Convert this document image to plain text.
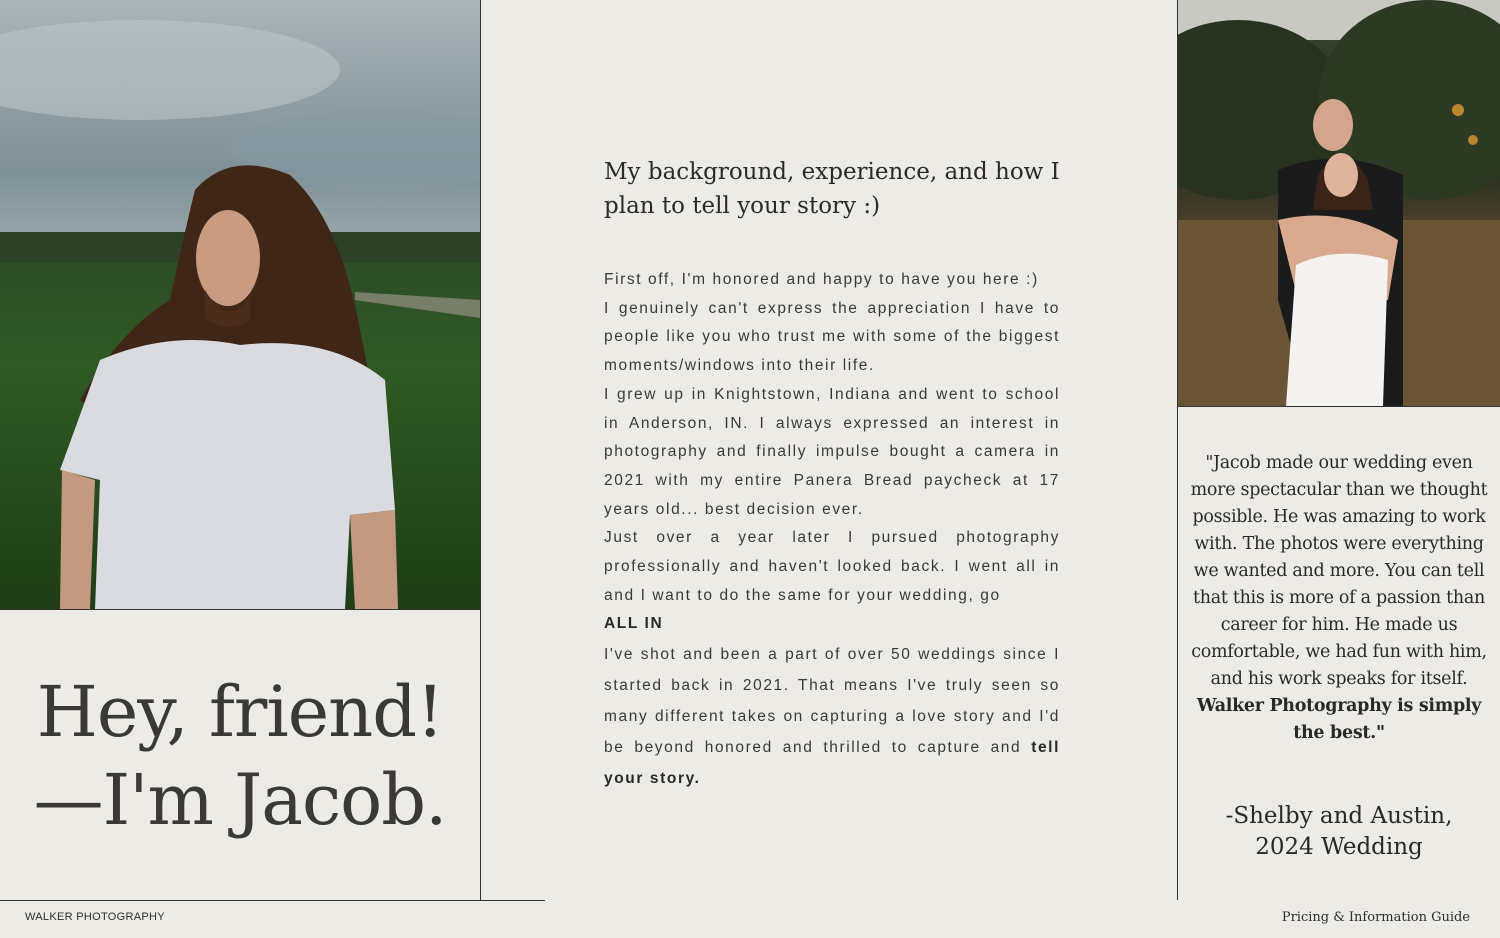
Hey, friend!
—I'm Jacob.
My background, experience, and how I plan to tell your story :)

First off, I'm honored and happy to have you here :)

I genuinely can't express the appreciation I have to people like you who trust me with some of the biggest moments/windows into their life.

I grew up in Knightstown, Indiana and went to school in Anderson, IN. I always expressed an interest in photography and finally impulse bought a camera in 2021 with my entire Panera Bread paycheck at 17 years old... best decision ever.

Just over a year later I pursued photography professionally and haven't looked back. I went all in and I want to do the same for your wedding, go

ALL IN

I've shot and been a part of over 50 weddings since I started back in 2021. That means I've truly seen so many different takes on capturing a love story and I'd be beyond honored and thrilled to capture and tell your story.

"Jacob made our wedding even more spectacular than we thought possible. He was amazing to work with. The photos were everything we wanted and more. You can tell that this is more of a passion than career for him. He made us comfortable, we had fun with him, and his work speaks for itself. Walker Photography is simply the best."
-Shelby and Austin,
2024 Wedding
WALKER PHOTOGRAPHY	Pricing & Information Guide
